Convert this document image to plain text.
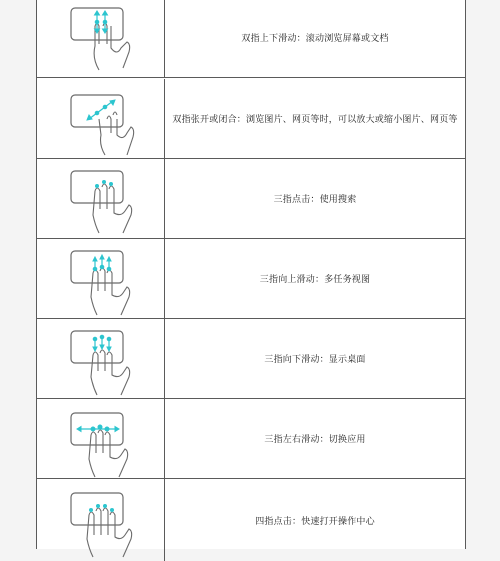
双指上下滑动：滚动浏览屏幕或文档
双指张开或闭合：浏览图片、网页等时，可以放大或缩小图片、网页等
三指点击：使用搜索
三指向上滑动：多任务视图
三指向下滑动：显示桌面
三指左右滑动：切换应用
四指点击：快速打开操作中心
